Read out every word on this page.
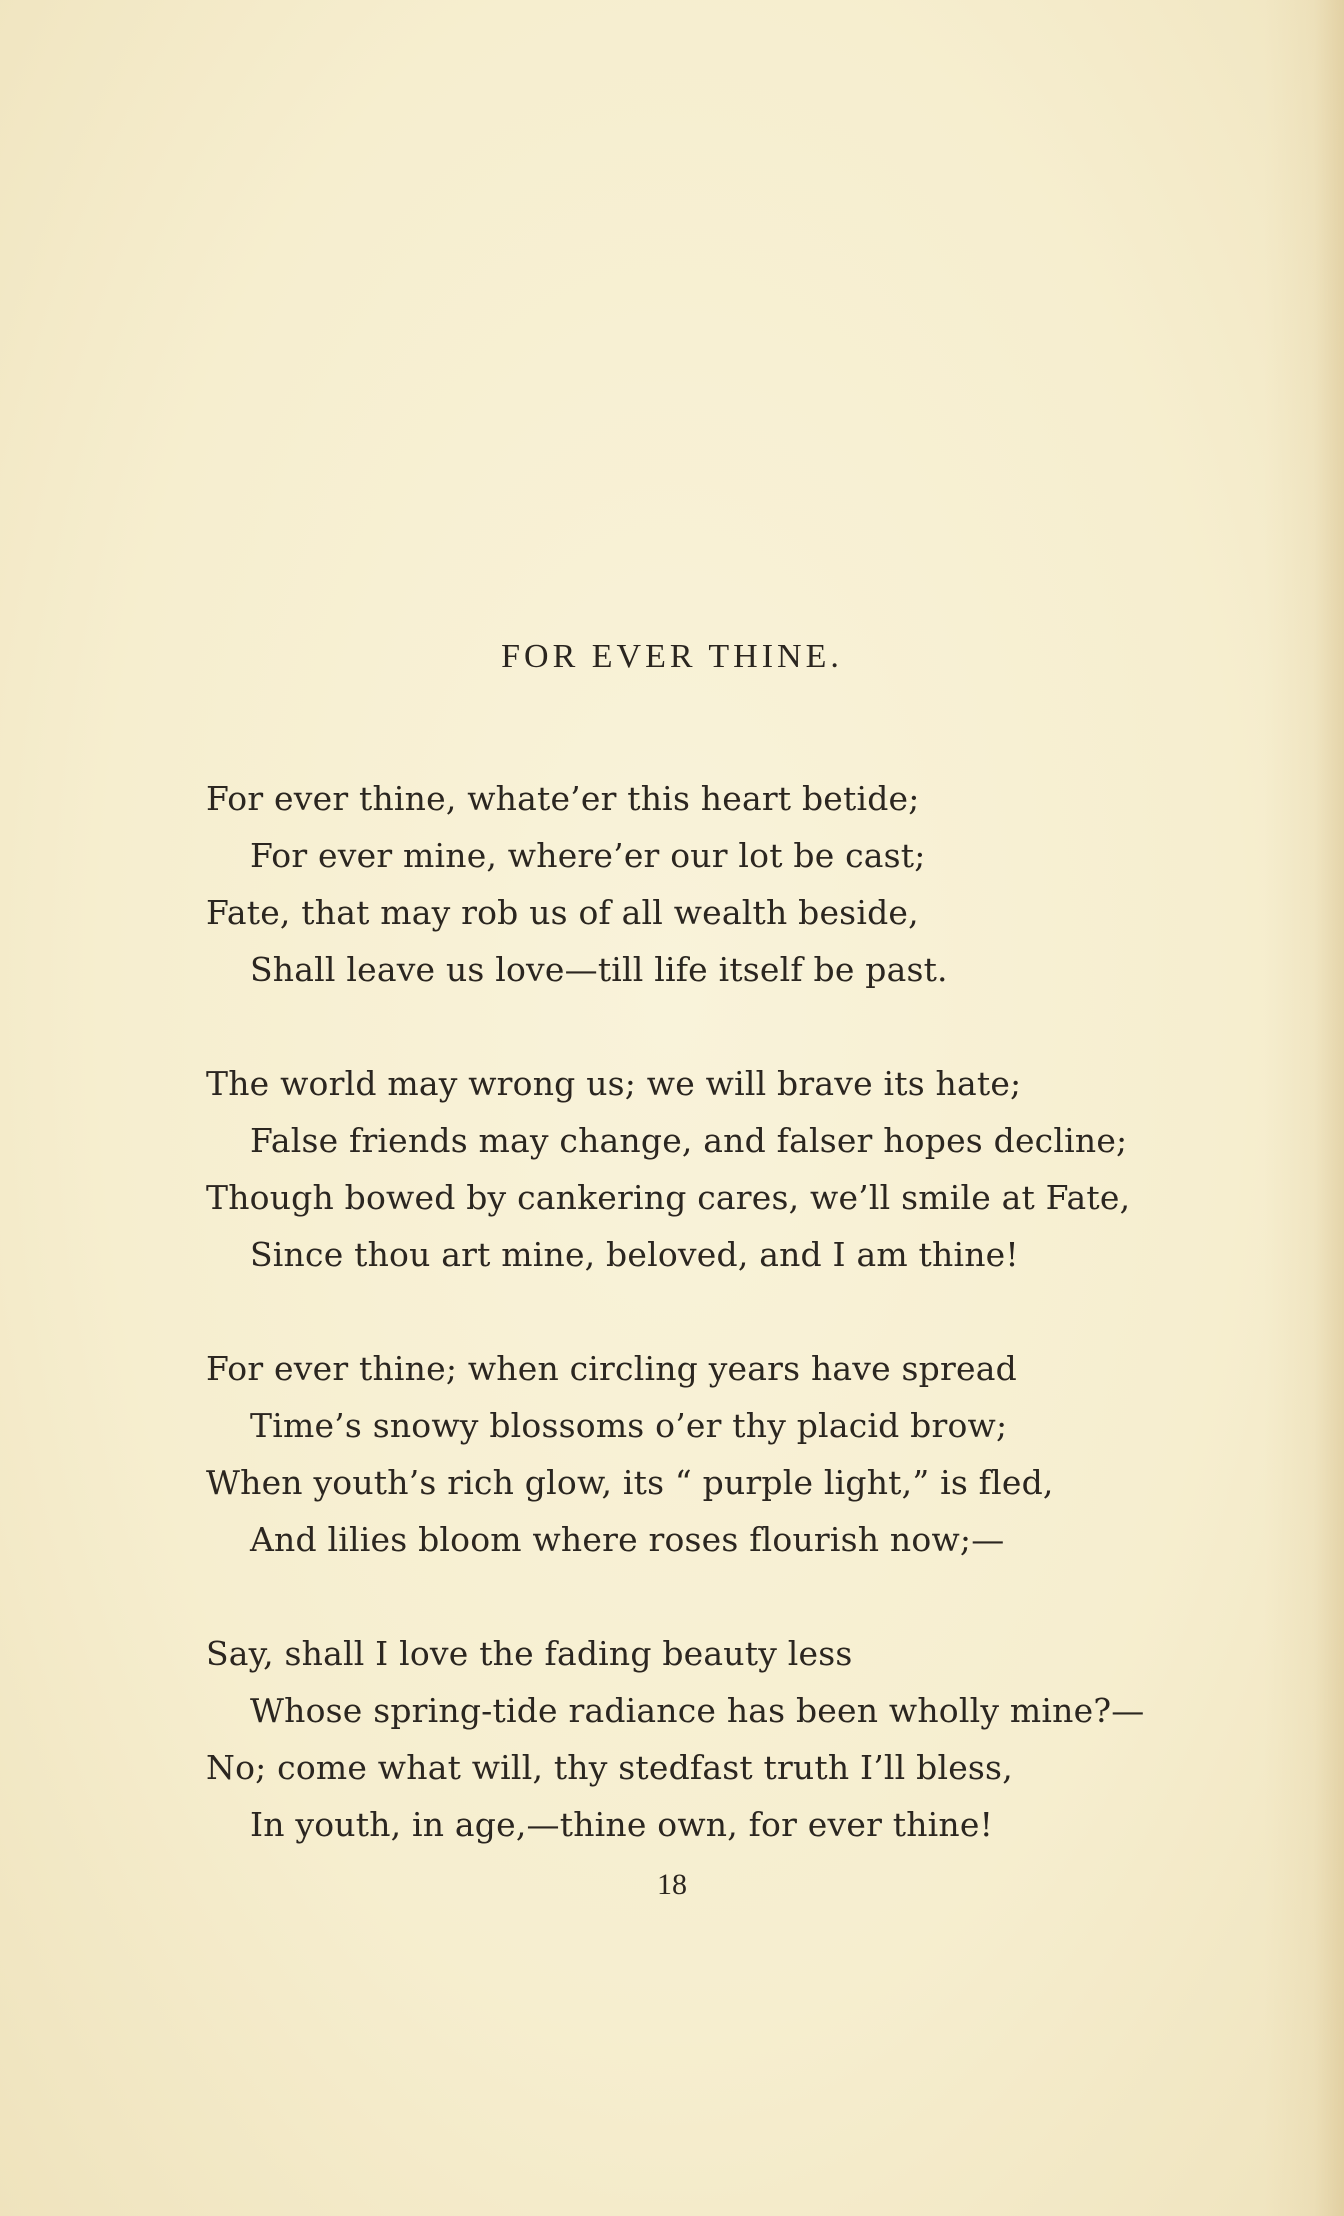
FOR EVER THINE.
For ever thine, whate’er this heart betide;
For ever mine, where’er our lot be cast;
Fate, that may rob us of all wealth beside,
Shall leave us love—till life itself be past.
The world may wrong us; we will brave its hate;
False friends may change, and falser hopes decline;
Though bowed by cankering cares, we’ll smile at Fate,
Since thou art mine, beloved, and I am thine!
For ever thine; when circling years have spread
Time’s snowy blossoms o’er thy placid brow;
When youth’s rich glow, its “ purple light,” is fled,
And lilies bloom where roses flourish now;—
Say, shall I love the fading beauty less
Whose spring-tide radiance has been wholly mine?—
No; come what will, thy stedfast truth I’ll bless,
In youth, in age,—thine own, for ever thine!
18
